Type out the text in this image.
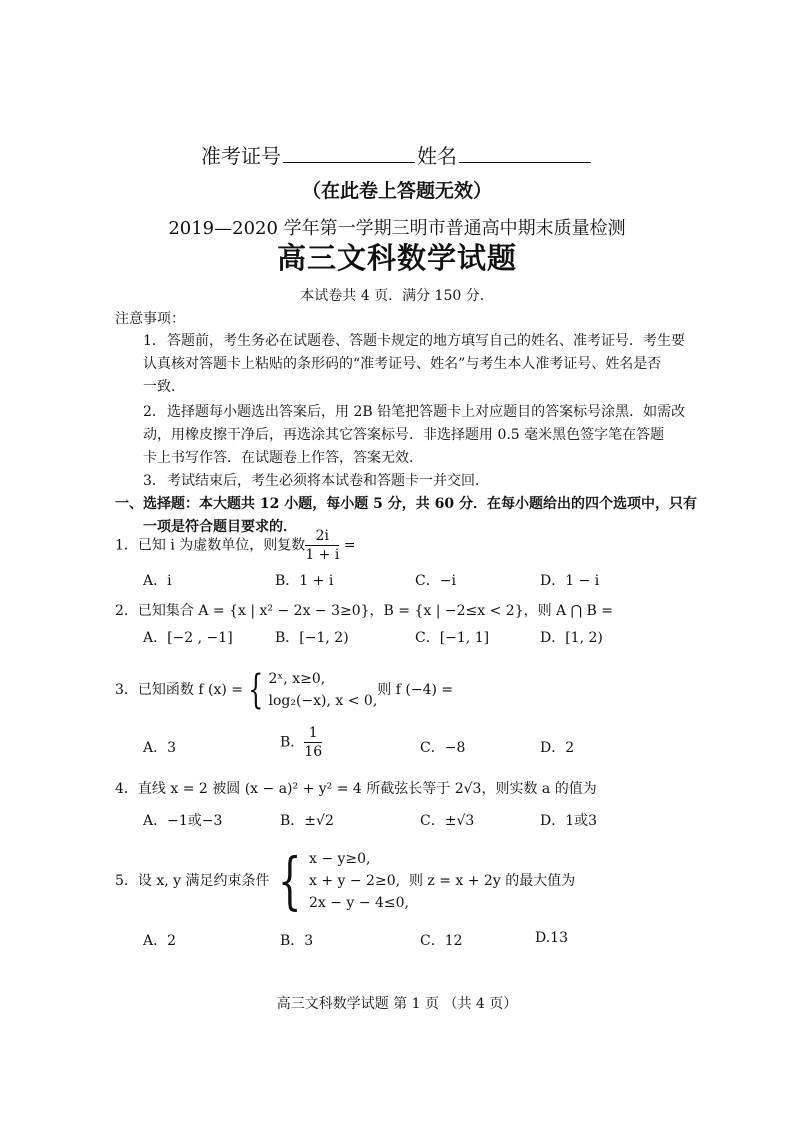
准考证号	姓名
（在此卷上答题无效）
2019—2020 学年第一学期三明市普通高中期末质量检测
高三文科数学试题
本试卷共 4 页．满分 150 分．
注意事项：
1． 答题前，考生务必在试题卷、答题卡规定的地方填写自己的姓名、准考证号．考生要
认真核对答题卡上粘贴的条形码的“准考证号、姓名”与考生本人准考证号、姓名是否
一致．
2． 选择题每小题选出答案后，用 2B 铅笔把答题卡上对应题目的答案标号涂黑．如需改
动，用橡皮擦干净后，再选涂其它答案标号．非选择题用 0.5 毫米黑色签字笔在答题
卡上书写作答．在试题卷上作答，答案无效．
3． 考试结束后，考生必须将本试卷和答题卡一并交回．
一、选择题：本大题共 12 小题，每小题 5 分，共 60 分．在每小题给出的四个选项中，只有
一项是符合题目要求的．
1．已知 i 为虚数单位，则复数 $\frac{2i}{1 + i}$ =
A．i	B．1 + i	C．−i	D．1 − i
2．已知集合 A = {x | x² − 2x − 3≥0}，B = {x | −2≤x < 2}，则 A ⋂ B =
A．[−2 , −1]	B．[−1, 2)	C．[−1, 1]	D．[1, 2)
3．已知函数 f (x) = { 2ˣ, x≥0,
log₂(−x), x < 0,
则 f (−4) =
A．3	B． $\frac{1}{16}$	C．−8	D．2
4．直线 x = 2 被圆 (x − a)² + y² = 4 所截弦长等于 2√3，则实数 a 的值为
A．−1或−3	B．±√2	C．±√3	D．1或3
5．设 x, y 满足约束条件 { x − y≥0,
x + y − 2≥0,
2x − y − 4≤0,
则 z = x + 2y 的最大值为
A．2	B．3	C．12	D.13
高三文科数学试题 第 1 页 （共 4 页）
